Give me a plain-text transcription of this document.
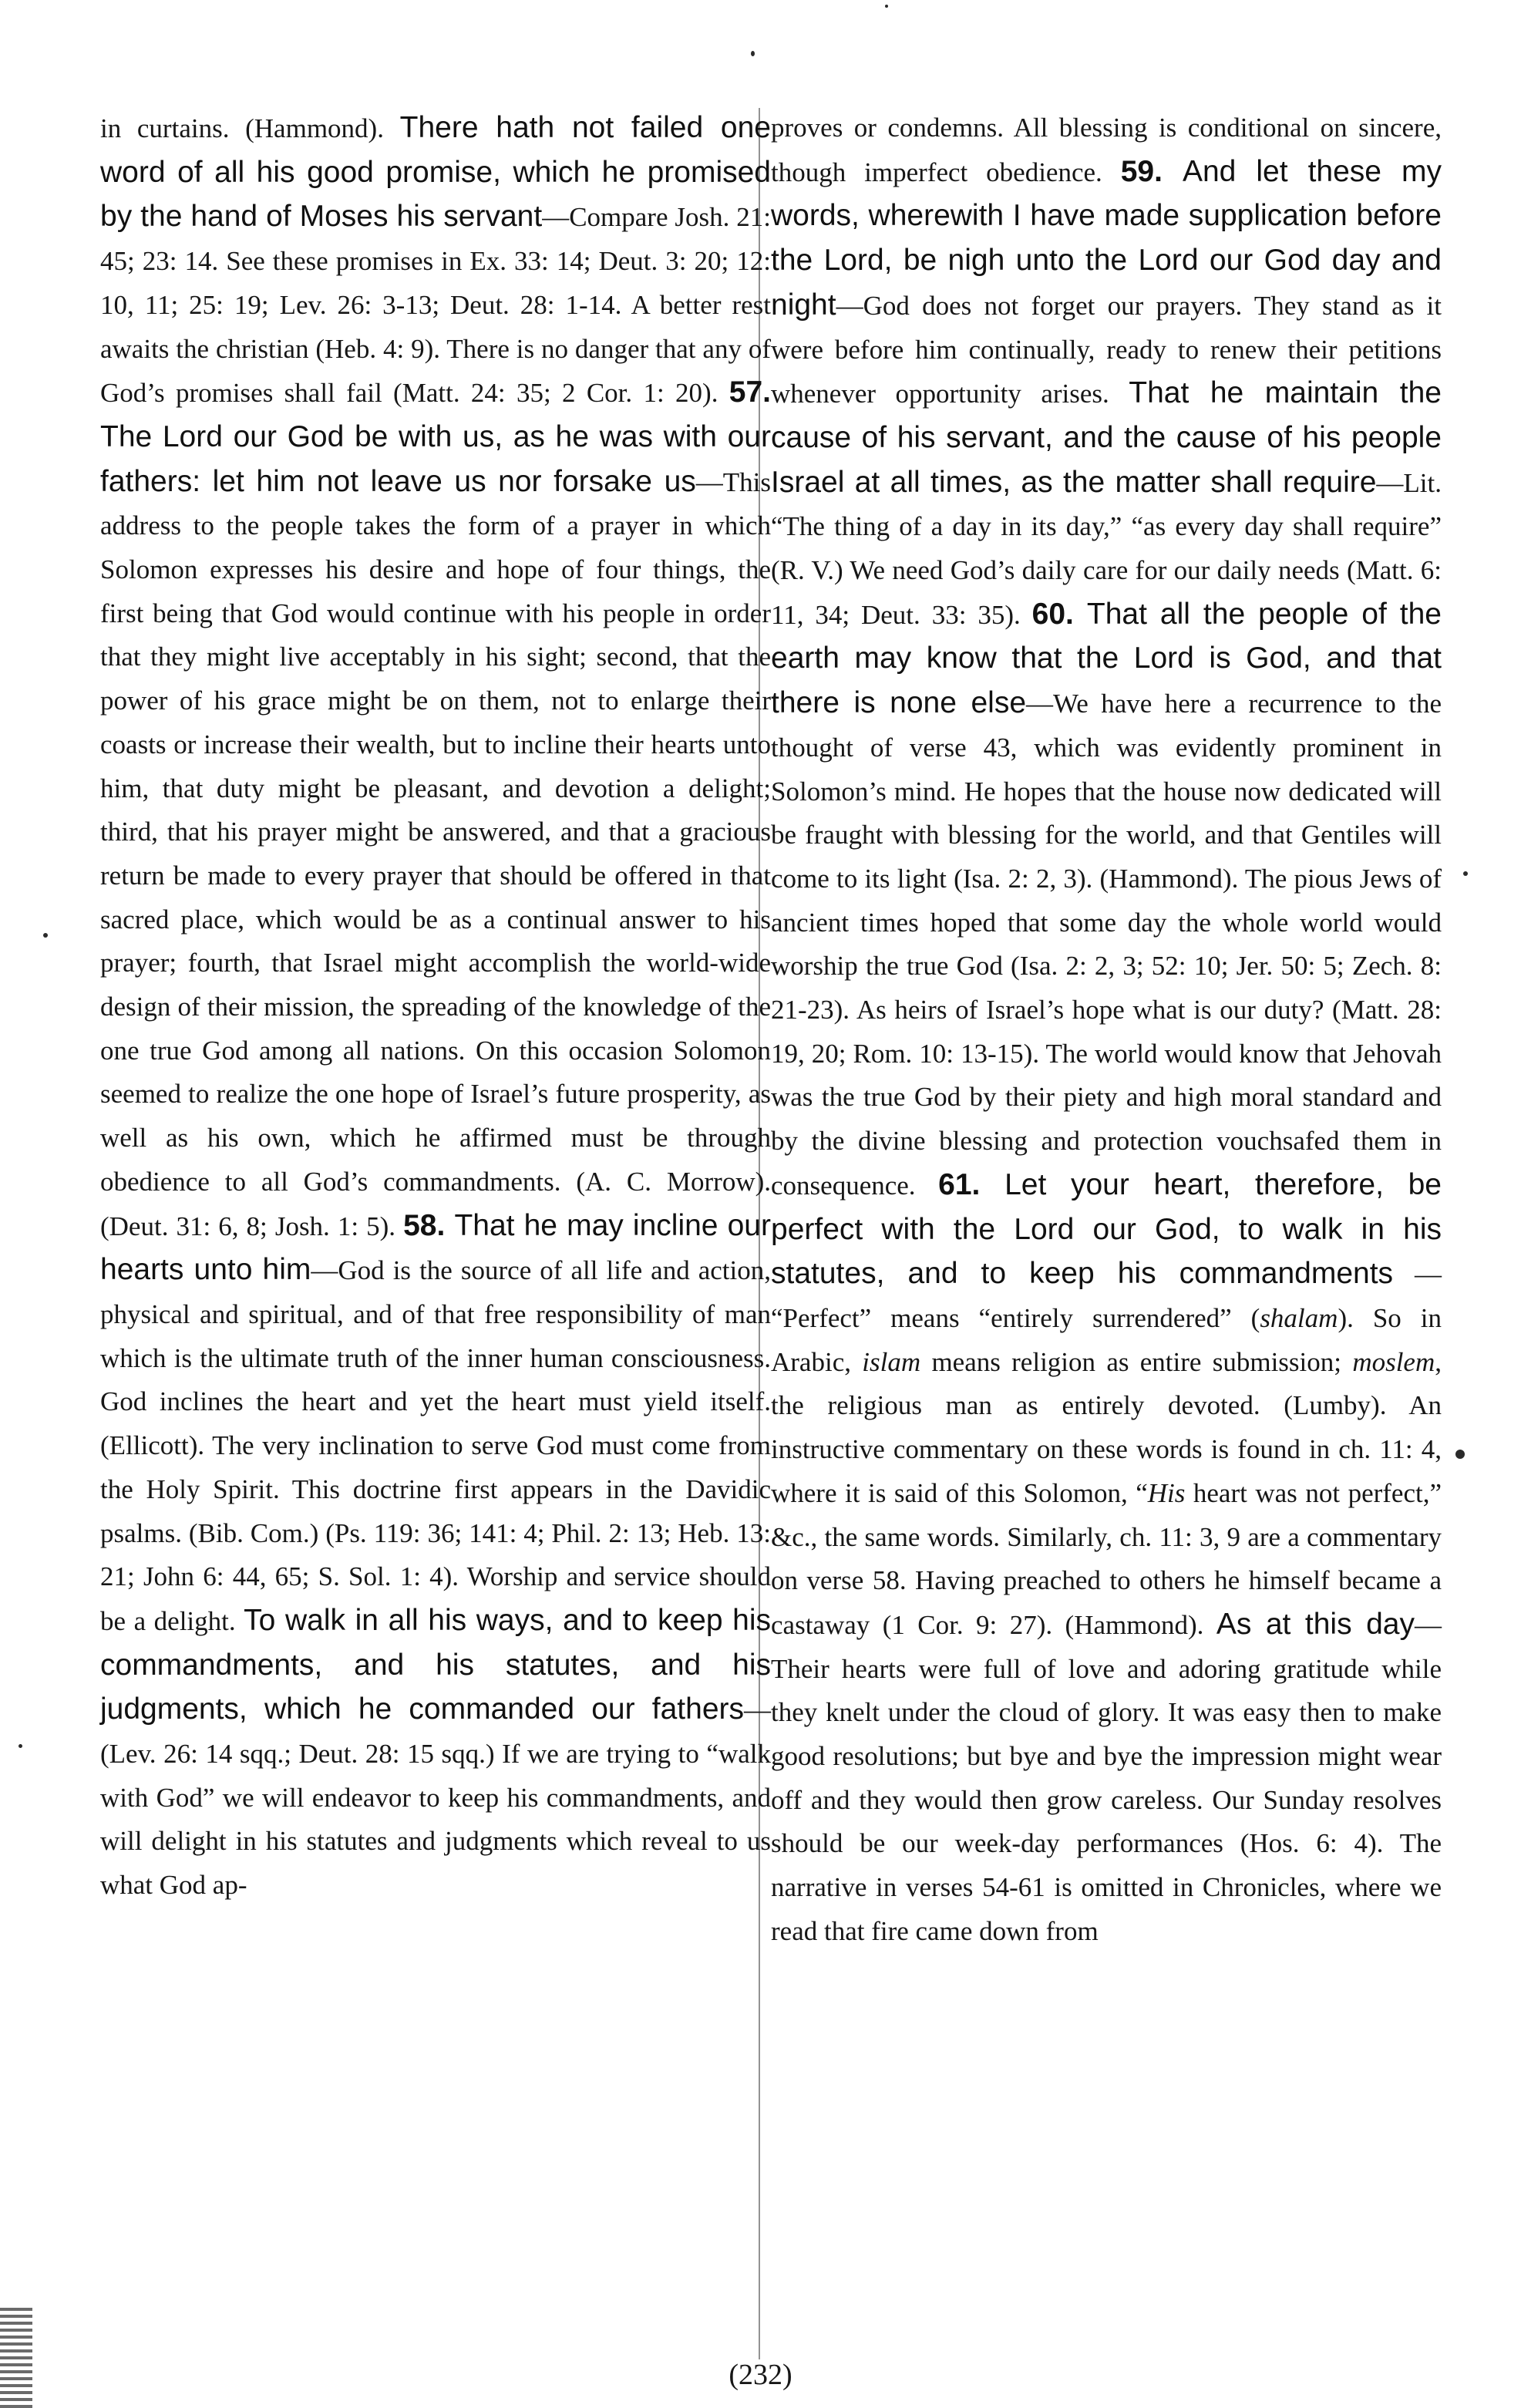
in curtains. (Hammond). There hath not failed one word of all his good promise, which he promised by the hand of Moses his servant—Compare Josh. 21: 45; 23: 14. See these promises in Ex. 33: 14; Deut. 3: 20; 12: 10, 11; 25: 19; Lev. 26: 3-13; Deut. 28: 1-14. A better rest awaits the christian (Heb. 4: 9). There is no danger that any of God’s promises shall fail (Matt. 24: 35; 2 Cor. 1: 20). 57. The Lord our God be with us, as he was with our fathers: let him not leave us nor forsake us—This address to the people takes the form of a prayer in which Solomon expresses his desire and hope of four things, the first being that God would continue with his people in order that they might live acceptably in his sight; second, that the power of his grace might be on them, not to enlarge their coasts or increase their wealth, but to incline their hearts unto him, that duty might be pleasant, and devotion a delight; third, that his prayer might be answered, and that a gracious return be made to every prayer that should be offered in that sacred place, which would be as a continual answer to his prayer; fourth, that Israel might accomplish the world-wide design of their mission, the spreading of the knowledge of the one true God among all nations. On this occasion Solomon seemed to realize the one hope of Israel’s future prosperity, as well as his own, which he affirmed must be through obedience to all God’s commandments. (A. C. Morrow). (Deut. 31: 6, 8; Josh. 1: 5). 58. That he may incline our hearts unto him—God is the source of all life and action, physical and spiritual, and of that free responsibility of man which is the ultimate truth of the inner human consciousness. God inclines the heart and yet the heart must yield itself. (Ellicott). The very inclination to serve God must come from the Holy Spirit. This doctrine first appears in the Davidic psalms. (Bib. Com.) (Ps. 119: 36; 141: 4; Phil. 2: 13; Heb. 13: 21; John 6: 44, 65; S. Sol. 1: 4). Worship and service should be a delight. To walk in all his ways, and to keep his commandments, and his statutes, and his judgments, which he commanded our fathers—(Lev. 26: 14 sqq.; Deut. 28: 15 sqq.) If we are trying to “walk with God” we will endeavor to keep his commandments, and will delight in his statutes and judgments which reveal to us what God ap-
proves or condemns. All blessing is conditional on sincere, though imperfect obedience. 59. And let these my words, wherewith I have made supplication before the Lord, be nigh unto the Lord our God day and night—God does not forget our prayers. They stand as it were before him continually, ready to renew their petitions whenever opportunity arises. That he maintain the cause of his servant, and the cause of his people Israel at all times, as the matter shall require—Lit. “The thing of a day in its day,” “as every day shall require” (R. V.) We need God’s daily care for our daily needs (Matt. 6: 11, 34; Deut. 33: 35). 60. That all the people of the earth may know that the Lord is God, and that there is none else—We have here a recurrence to the thought of verse 43, which was evidently prominent in Solomon’s mind. He hopes that the house now dedicated will be fraught with blessing for the world, and that Gentiles will come to its light (Isa. 2: 2, 3). (Hammond). The pious Jews of ancient times hoped that some day the whole world would worship the true God (Isa. 2: 2, 3; 52: 10; Jer. 50: 5; Zech. 8: 21-23). As heirs of Israel’s hope what is our duty? (Matt. 28: 19, 20; Rom. 10: 13-15). The world would know that Jehovah was the true God by their piety and high moral standard and by the divine blessing and protection vouchsafed them in consequence. 61. Let your heart, therefore, be perfect with the Lord our God, to walk in his statutes, and to keep his commandments — “Perfect” means “entirely surrendered” (shalam). So in Arabic, islam means religion as entire submission; moslem, the religious man as entirely devoted. (Lumby). An instructive commentary on these words is found in ch. 11: 4, where it is said of this Solomon, “His heart was not perfect,” &c., the same words. Similarly, ch. 11: 3, 9 are a commentary on verse 58. Having preached to others he himself became a castaway (1 Cor. 9: 27). (Hammond). As at this day—Their hearts were full of love and adoring gratitude while they knelt under the cloud of glory. It was easy then to make good resolutions; but bye and bye the impression might wear off and they would then grow careless. Our Sunday resolves should be our week-day performances (Hos. 6: 4). The narrative in verses 54-61 is omitted in Chronicles, where we read that fire came down from
(232)
